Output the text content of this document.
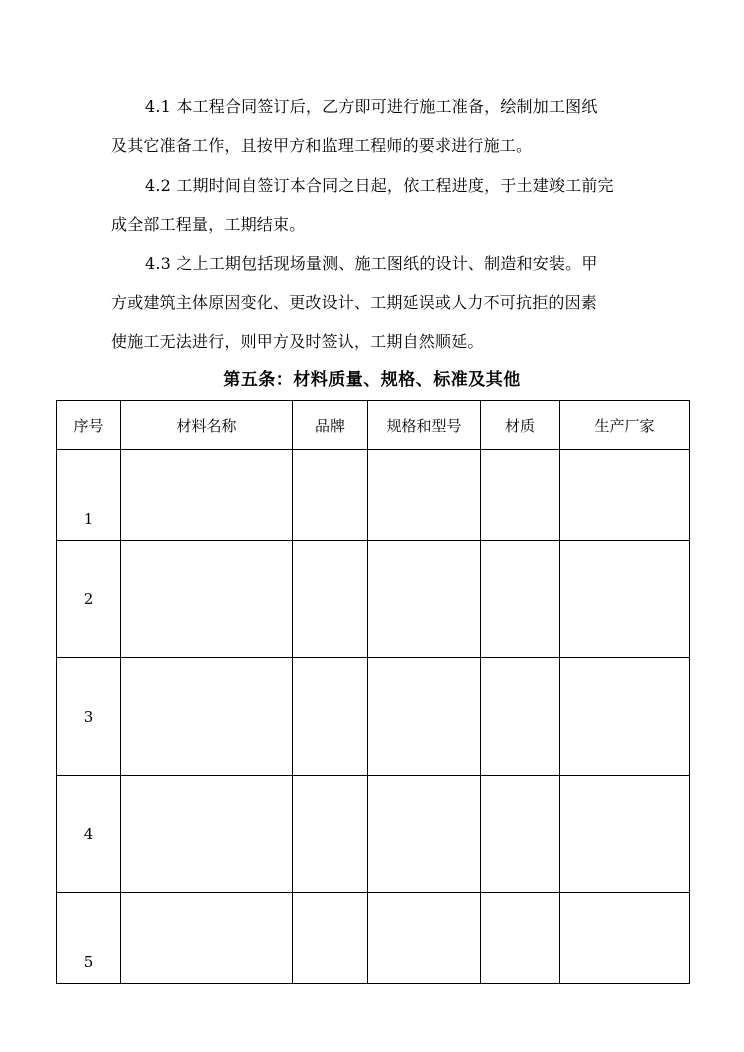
4.1 本工程合同签订后，乙方即可进行施工准备，绘制加工图纸
及其它准备工作，且按甲方和监理工程师的要求进行施工。
4.2 工期时间自签订本合同之日起，依工程进度，于土建竣工前完
成全部工程量，工期结束。
4.3 之上工期包括现场量测、施工图纸的设计、制造和安装。甲
方或建筑主体原因变化、更改设计、工期延误或人力不可抗拒的因素
使施工无法进行，则甲方及时签认，工期自然顺延。
第五条：材料质量、规格、标准及其他
序号	材料名称	品牌	规格和型号	材质	生产厂家
1					
2					
3					
4					
5					
